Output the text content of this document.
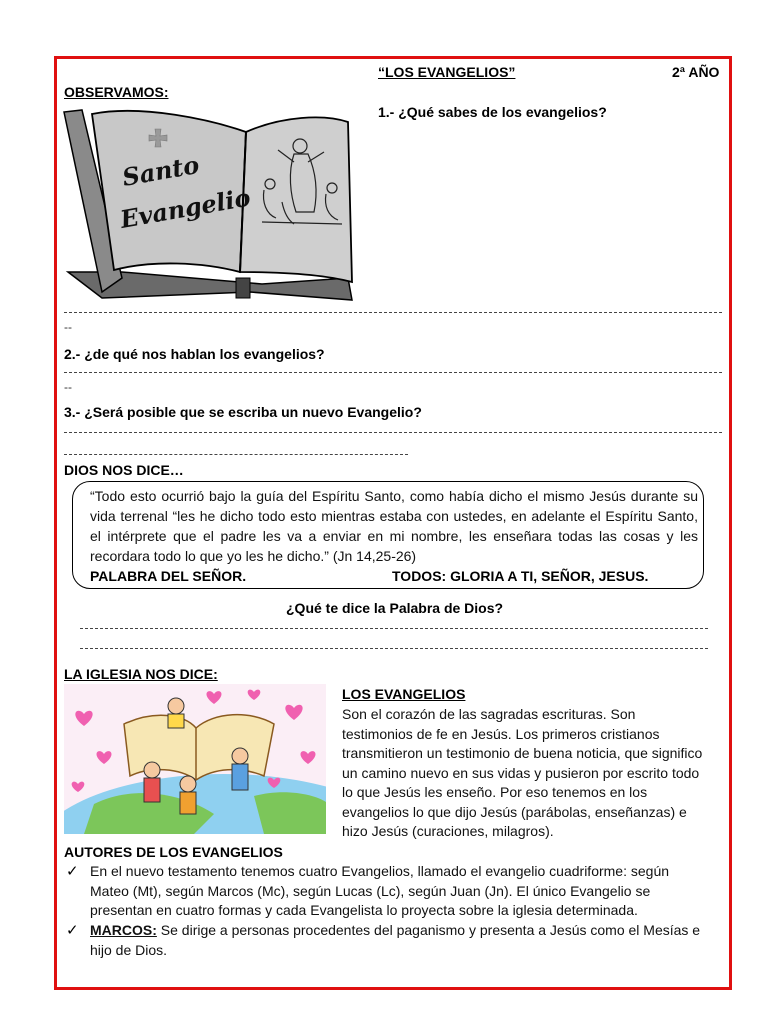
“LOS EVANGELIOS”	2ª AÑO
OBSERVAMOS:
1.- ¿Qué sabes de los evangelios?
Santo
Evangelio
--
2.- ¿de qué nos hablan los evangelios?
--
3.- ¿Será posible que se escriba un nuevo Evangelio?
DIOS NOS DICE…
“Todo esto ocurrió bajo la guía del Espíritu Santo, como había dicho el mismo Jesús durante su vida terrenal “les he dicho todo esto mientras estaba con ustedes, en adelante el Espíritu Santo, el intérprete que el padre les va a enviar en mi nombre, les enseñara todas las cosas y les recordara todo lo que yo les he dicho.” (Jn 14,25-26)
PALABRA DEL SEÑOR.	TODOS: GLORIA A TI, SEÑOR, JESUS.
¿Qué te dice la Palabra de Dios?
LA IGLESIA NOS DICE:
LOS EVANGELIOS
Son el corazón de las sagradas escrituras. Son testimonios de fe en Jesús. Los primeros cristianos transmitieron un testimonio de buena noticia, que significo un camino nuevo en sus vidas y pusieron por escrito todo lo que Jesús les enseño. Por eso tenemos en los evangelios lo que dijo Jesús (parábolas, enseñanzas) e hizo Jesús (curaciones, milagros).
AUTORES DE LOS EVANGELIOS
✓ En el nuevo testamento tenemos cuatro Evangelios, llamado el evangelio cuadriforme: según Mateo (Mt), según Marcos (Mc), según Lucas (Lc), según Juan (Jn). El único Evangelio se presentan en cuatro formas y cada Evangelista lo proyecta sobre la iglesia determinada.
✓ MARCOS: Se dirige a personas procedentes del paganismo y presenta a Jesús como el Mesías e hijo de Dios.
